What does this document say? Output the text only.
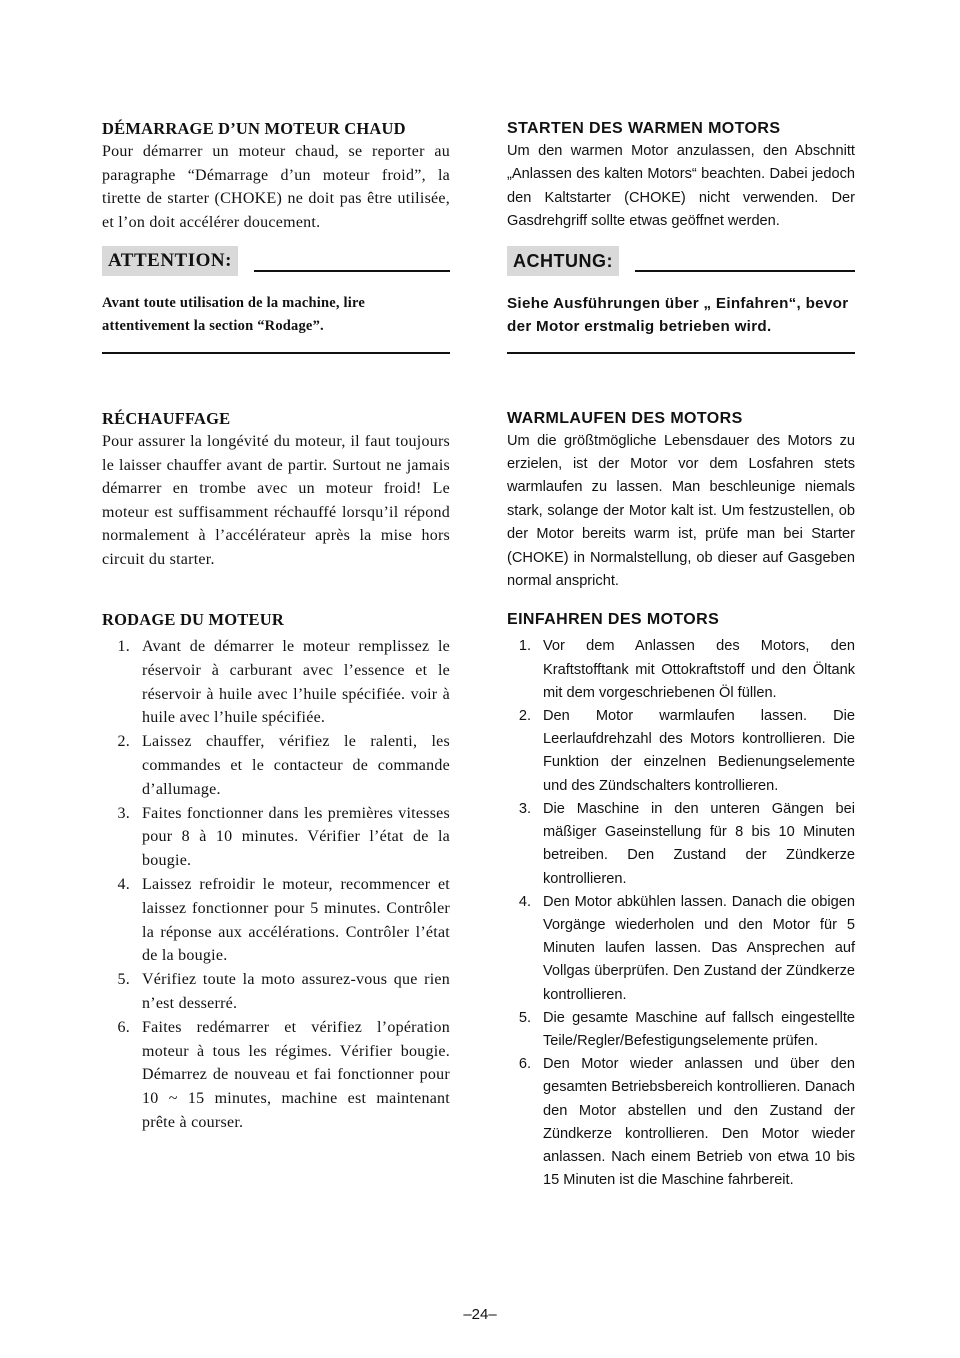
DÉMARRAGE D’UN MOTEUR CHAUD

Pour démarrer un moteur chaud, se reporter au paragraphe “Démarrage d’un moteur froid”, la tirette de starter (CHOKE) ne doit pas être utilisée, et l’on doit accélérer doucement.

ATTENTION:
Avant toute utilisation de la machine, lire attentivement la section “Rodage”.
RÉCHAUFFAGE

Pour assurer la longévité du moteur, il faut toujours le laisser chauffer avant de partir. Surtout ne jamais démarrer en trombe avec un moteur froid! Le moteur est suffisamment réchauffé lorsqu’il répond normalement à l’accélérateur après la mise hors circuit du starter.

RODAGE DU MOTEUR
1. Avant de démarrer le moteur remplissez le réservoir à carburant avec l’essence et le réservoir à huile avec l’huile spécifiée. voir à huile avec l’huile spécifiée.
2. Laissez chauffer, vérifiez le ralenti, les commandes et le contacteur de commande d’allumage.
3. Faites fonctionner dans les premières vitesses pour 8 à 10 minutes. Vérifier l’état de la bougie.
4. Laissez refroidir le moteur, recommencer et laissez fonctionner pour 5 minutes. Contrôler la réponse aux accélérations. Contrôler l’état de la bougie.
5. Vérifiez toute la moto assurez-vous que rien n’est desserré.
6. Faites redémarrer et vérifiez l’opération moteur à tous les régimes. Vérifier bougie. Démarrez de nouveau et fai fonctionner pour 10 ~ 15 minutes, machine est maintenant prête à courser.
STARTEN DES WARMEN MOTORS

Um den warmen Motor anzulassen, den Abschnitt „Anlassen des kalten Motors“ beachten. Dabei jedoch den Kaltstarter (CHOKE) nicht verwenden. Der Gasdrehgriff sollte etwas geöffnet werden.

ACHTUNG:
Siehe Ausführungen über „ Einfahren“, bevor der Motor erstmalig betrieben wird.
WARMLAUFEN DES MOTORS

Um die größtmögliche Lebensdauer des Motors zu erzielen, ist der Motor vor dem Losfahren stets warmlaufen zu lassen. Man beschleunige niemals stark, solange der Motor kalt ist. Um festzustellen, ob der Motor bereits warm ist, prüfe man bei Starter (CHOKE) in Normalstellung, ob dieser auf Gasgeben normal anspricht.

EINFAHREN DES MOTORS
1. Vor dem Anlassen des Motors, den Kraftstofftank mit Ottokraftstoff und den Öltank mit dem vorgeschriebenen Öl füllen.
2. Den Motor warmlaufen lassen. Die Leerlaufdrehzahl des Motors kontrollieren. Die Funktion der einzelnen Bedienungselemente und des Zündschalters kontrollieren.
3. Die Maschine in den unteren Gängen bei mäßiger Gaseinstellung für 8 bis 10 Minuten betreiben. Den Zustand der Zündkerze kontrollieren.
4. Den Motor abkühlen lassen. Danach die obigen Vorgänge wiederholen und den Motor für 5 Minuten laufen lassen. Das Ansprechen auf Vollgas überprüfen. Den Zustand der Zündkerze kontrollieren.
5. Die gesamte Maschine auf fallsch eingestellte Teile/Regler/Befestigungselemente prüfen.
6. Den Motor wieder anlassen und über den gesamten Betriebsbereich kontrollieren. Danach den Motor abstellen und den Zustand der Zündkerze kontrollieren. Den Motor wieder anlassen. Nach einem Betrieb von etwa 10 bis 15 Minuten ist die Maschine fahrbereit.
–24–
